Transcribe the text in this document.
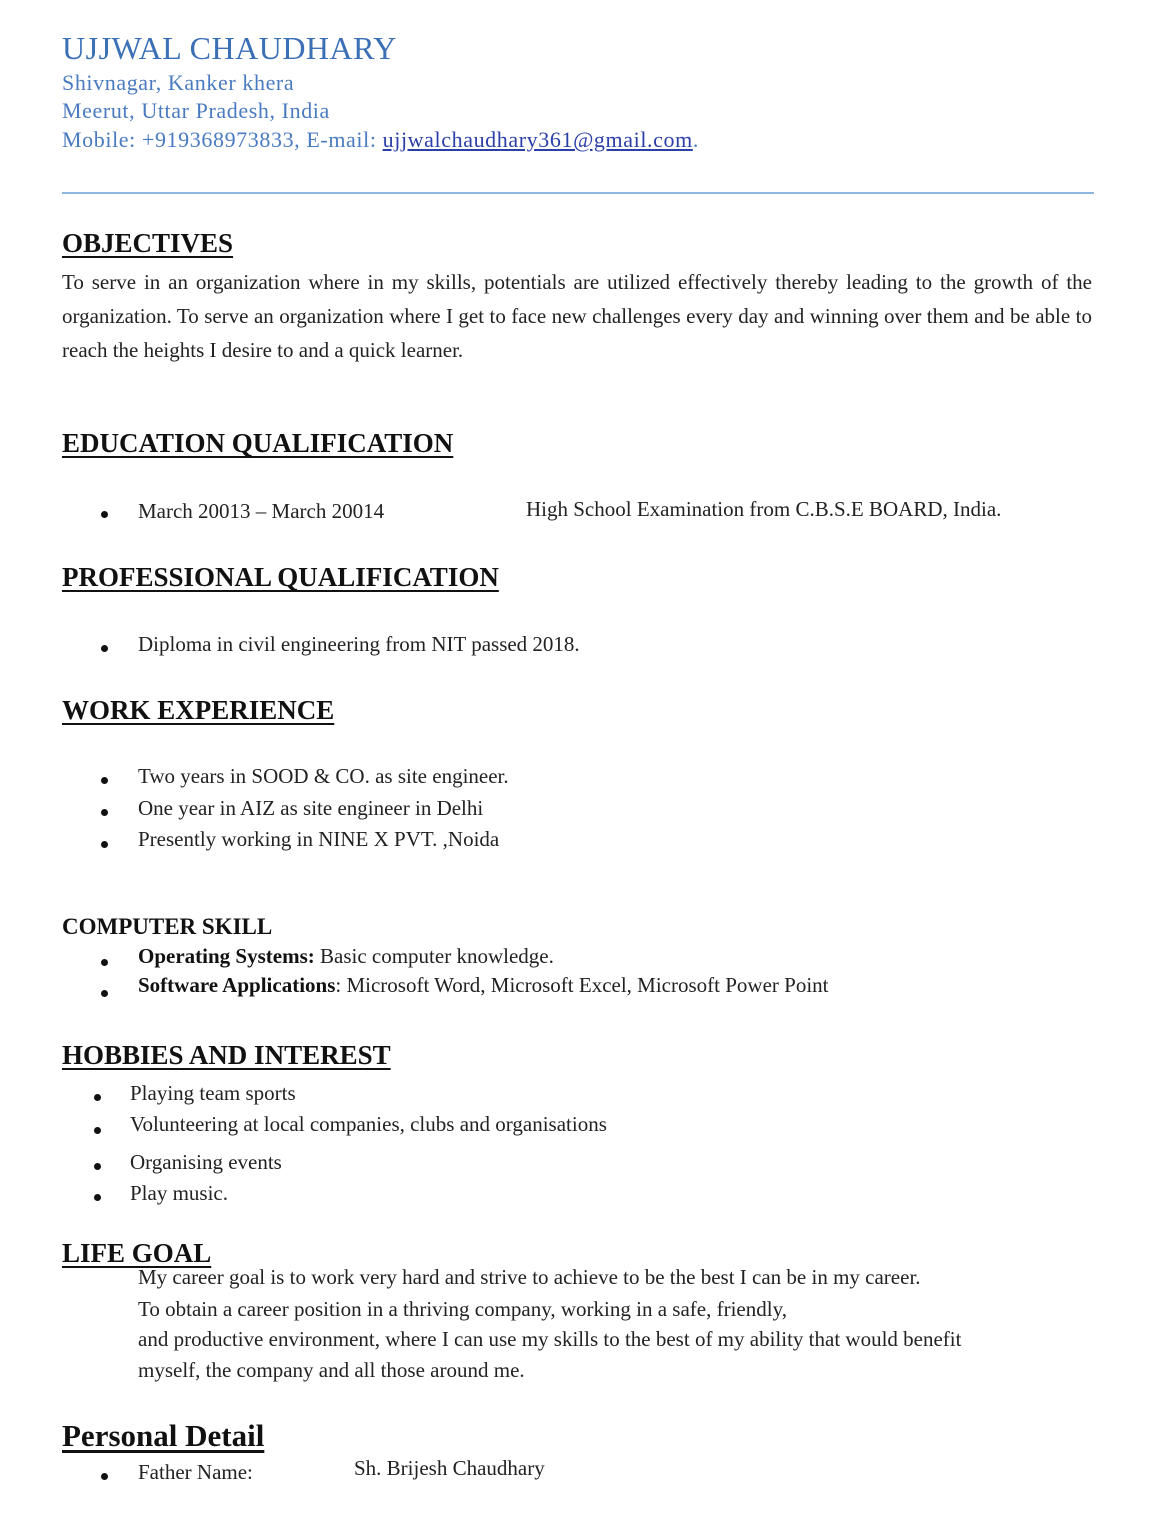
UJJWAL CHAUDHARY
Shivnagar, Kanker khera
Meerut, Uttar Pradesh, India
Mobile: +919368973833, E-mail: ujjwalchaudhary361@gmail.com.
OBJECTIVES
To serve in an organization where in my skills, potentials are utilized effectively thereby leading to the growth of the organization. To serve an organization where I get to face new challenges every day and winning over them and be able to reach the heights I desire to and a quick learner.
EDUCATION QUALIFICATION
March 20013 – March 20014	High School Examination from C.B.S.E BOARD, India.
PROFESSIONAL QUALIFICATION
Diploma in civil engineering from NIT passed 2018.
WORK EXPERIENCE
Two years in SOOD & CO. as site engineer.
One year in AIZ as site engineer in Delhi
Presently working in NINE X PVT. ,Noida
COMPUTER SKILL
Operating Systems: Basic computer knowledge.
Software Applications: Microsoft Word, Microsoft Excel, Microsoft Power Point
HOBBIES AND INTEREST
Playing team sports
Volunteering at local companies, clubs and organisations
Organising events
Play music.
LIFE GOAL
My career goal is to work very hard and strive to achieve to be the best I can be in my career.
To obtain a career position in a thriving company, working in a safe, friendly,
and productive environment, where I can use my skills to the best of my ability that would benefit
myself, the company and all those around me.
Personal Detail
Father Name:	Sh. Brijesh Chaudhary
